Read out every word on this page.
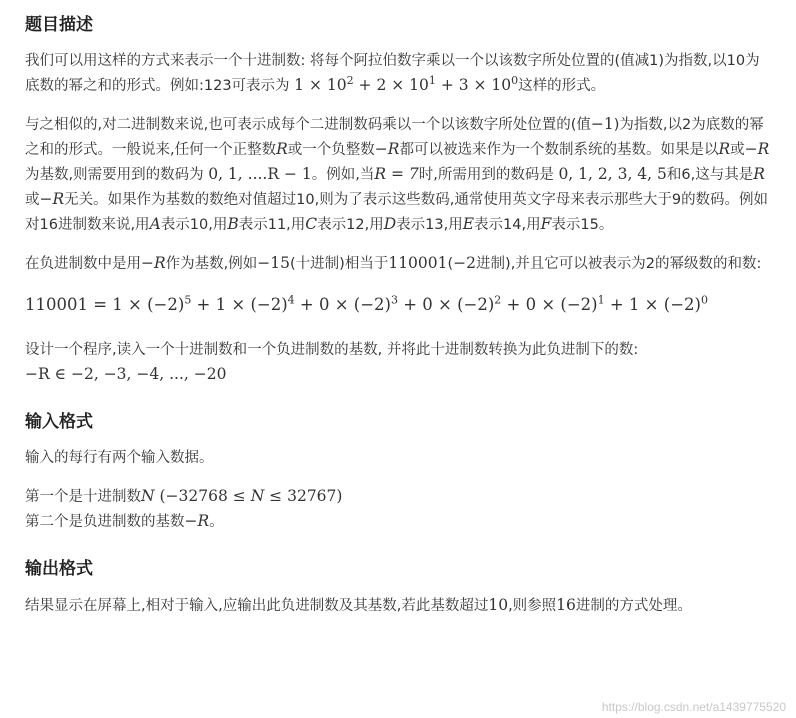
题目描述

我们可以用这样的方式来表示一个十进制数: 将每个阿拉伯数字乘以一个以该数字所处位置的(值减1)为指数,以10为底数的幂之和的形式。例如:123可表示为 $1 \times 10^2 + 2 \times 10^1 + 3 \times 10^0$这样的形式。

与之相似的,对二进制数来说,也可表示成每个二进制数码乘以一个以该数字所处位置的(值−1)为指数,以2为底数的幂之和的形式。一般说来,任何一个正整数R或一个负整数−R都可以被选来作为一个数制系统的基数。如果是以R或−R为基数,则需要用到的数码为 0, 1, ....R − 1。例如,当R = 7时,所需用到的数码是 0, 1, 2, 3, 4, 5和6,这与其是R或−R无关。如果作为基数的数绝对值超过10,则为了表示这些数码,通常使用英文字母来表示那些大于9的数码。例如对16进制数来说,用A表示10,用B表示11,用C表示12,用D表示13,用E表示14,用F表示15。

在负进制数中是用−R作为基数,例如−15(十进制)相当于110001(−2进制),并且它可以被表示为2的幂级数的和数:

$110001 = 1 \times (-2)^5 + 1 \times (-2)^4 + 0 \times (-2)^3 + 0 \times (-2)^2 + 0 \times (-2)^1 + 1 \times (-2)^0$

设计一个程序,读入一个十进制数和一个负进制数的基数, 并将此十进制数转换为此负进制下的数:
−R ∈ −2, −3, −4, ..., −20

输入格式

输入的每行有两个输入数据。

第一个是十进制数N (−32768 ≤ N ≤ 32767)
第二个是负进制数的基数−R。

输出格式

结果显示在屏幕上,相对于输入,应输出此负进制数及其基数,若此基数超过10,则参照16进制的方式处理。

https://blog.csdn.net/a1439775520
